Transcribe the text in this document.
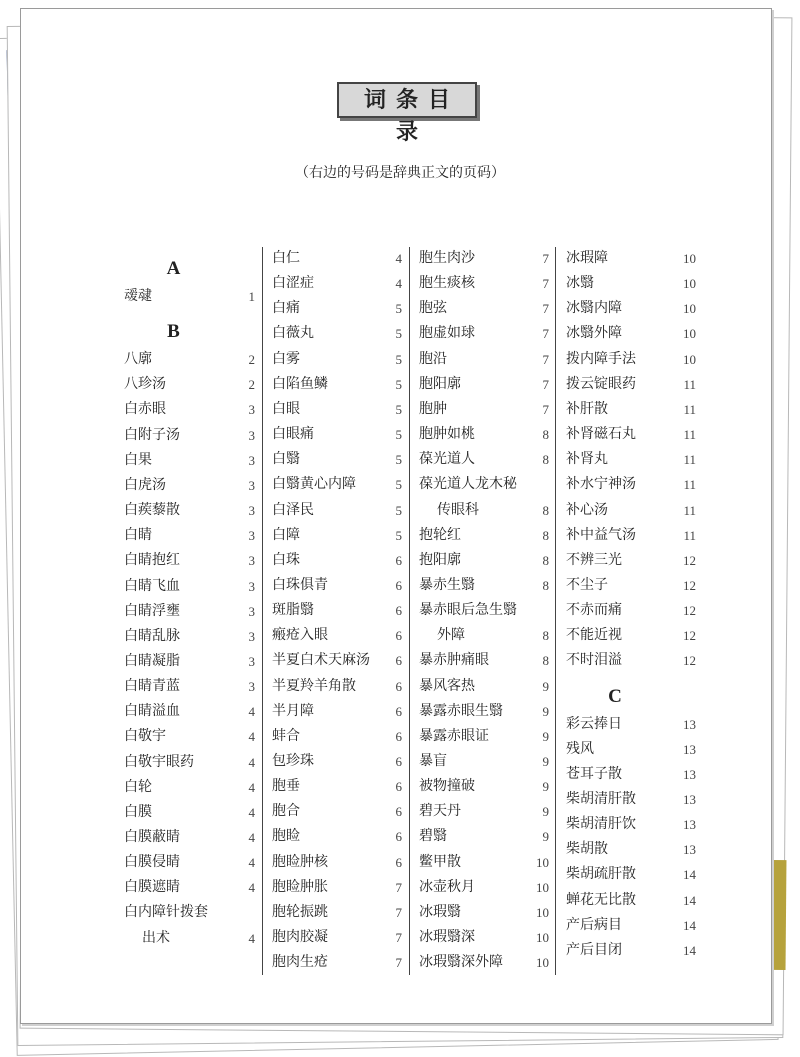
词条目录
（右边的号码是辞典正文的页码）
A
叆叇	1
B
八廓	2
八珍汤	2
白赤眼	3
白附子汤	3
白果	3
白虎汤	3
白蒺藜散	3
白睛	3
白睛抱红	3
白睛飞血	3
白睛浮壅	3
白睛乱脉	3
白睛凝脂	3
白睛青蓝	3
白睛溢血	4
白敬宇	4
白敬宇眼药	4
白轮	4
白膜	4
白膜蔽睛	4
白膜侵睛	4
白膜遮睛	4
白内障针拨套
出术	4
白仁	4
白涩症	4
白痛	5
白薇丸	5
白雾	5
白陷鱼鳞	5
白眼	5
白眼痛	5
白翳	5
白翳黄心内障	5
白泽民	5
白障	5
白珠	6
白珠俱青	6
斑脂翳	6
瘢疮入眼	6
半夏白术天麻汤 6
半夏羚羊角散	6
半月障	6
蚌合	6
包珍珠	6
胞垂	6
胞合	6
胞睑	6
胞睑肿核	6
胞睑肿胀	7
胞轮振跳	7
胞肉胶凝	7
胞肉生疮	7
胞生肉沙	7
胞生痰核	7
胞弦	7
胞虚如球	7
胞沿	7
胞阳廓	7
胞肿	7
胞肿如桃	8
葆光道人	8
葆光道人龙木秘
传眼科	8
抱轮红	8
抱阳廓	8
暴赤生翳	8
暴赤眼后急生翳
外障	8
暴赤肿痛眼	8
暴风客热	9
暴露赤眼生翳	9
暴露赤眼证	9
暴盲	9
被物撞破	9
碧天丹	9
碧翳	9
鳖甲散	10
冰壶秋月	10
冰瑕翳	10
冰瑕翳深	10
冰瑕翳深外障	10
冰瑕障	10
冰翳	10
冰翳内障	10
冰翳外障	10
拨内障手法	10
拨云锭眼药	11
补肝散	11
补肾磁石丸	11
补肾丸	11
补水宁神汤	11
补心汤	11
补中益气汤	11
不辨三光	12
不尘子	12
不赤而痛	12
不能近视	12
不时泪溢	12
C
彩云捧日	13
残风	13
苍耳子散	13
柴胡清肝散	13
柴胡清肝饮	13
柴胡散	13
柴胡疏肝散	14
蝉花无比散	14
产后病目	14
产后目闭	14
